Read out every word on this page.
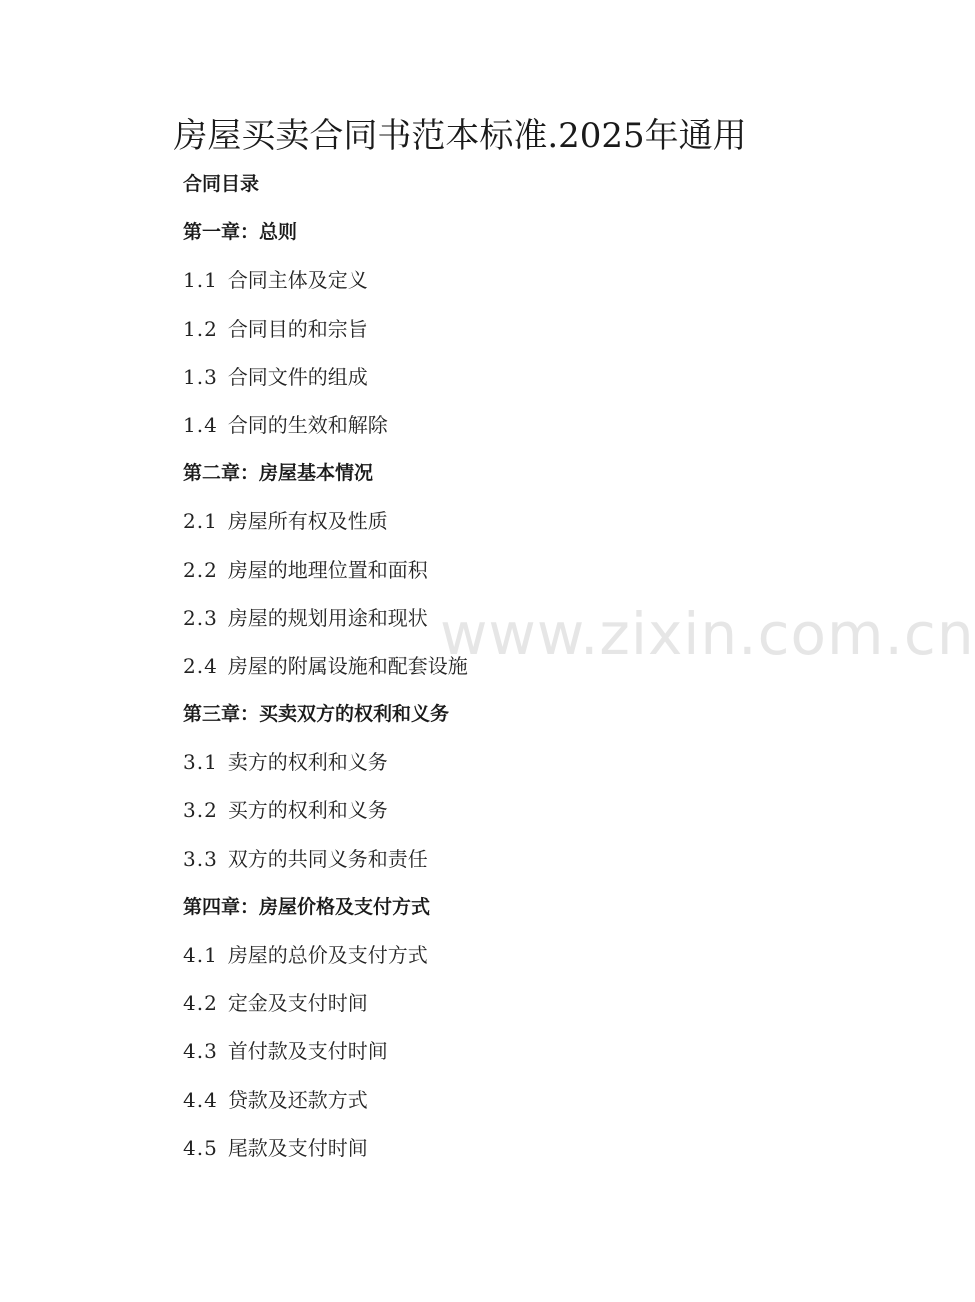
房屋买卖合同书范本标准.2025年通用
www.zixin.com.cn
合同目录
第一章：总则
1.1 合同主体及定义
1.2 合同目的和宗旨
1.3 合同文件的组成
1.4 合同的生效和解除
第二章：房屋基本情况
2.1 房屋所有权及性质
2.2 房屋的地理位置和面积
2.3 房屋的规划用途和现状
2.4 房屋的附属设施和配套设施
第三章：买卖双方的权利和义务
3.1 卖方的权利和义务
3.2 买方的权利和义务
3.3 双方的共同义务和责任
第四章：房屋价格及支付方式
4.1 房屋的总价及支付方式
4.2 定金及支付时间
4.3 首付款及支付时间
4.4 贷款及还款方式
4.5 尾款及支付时间
